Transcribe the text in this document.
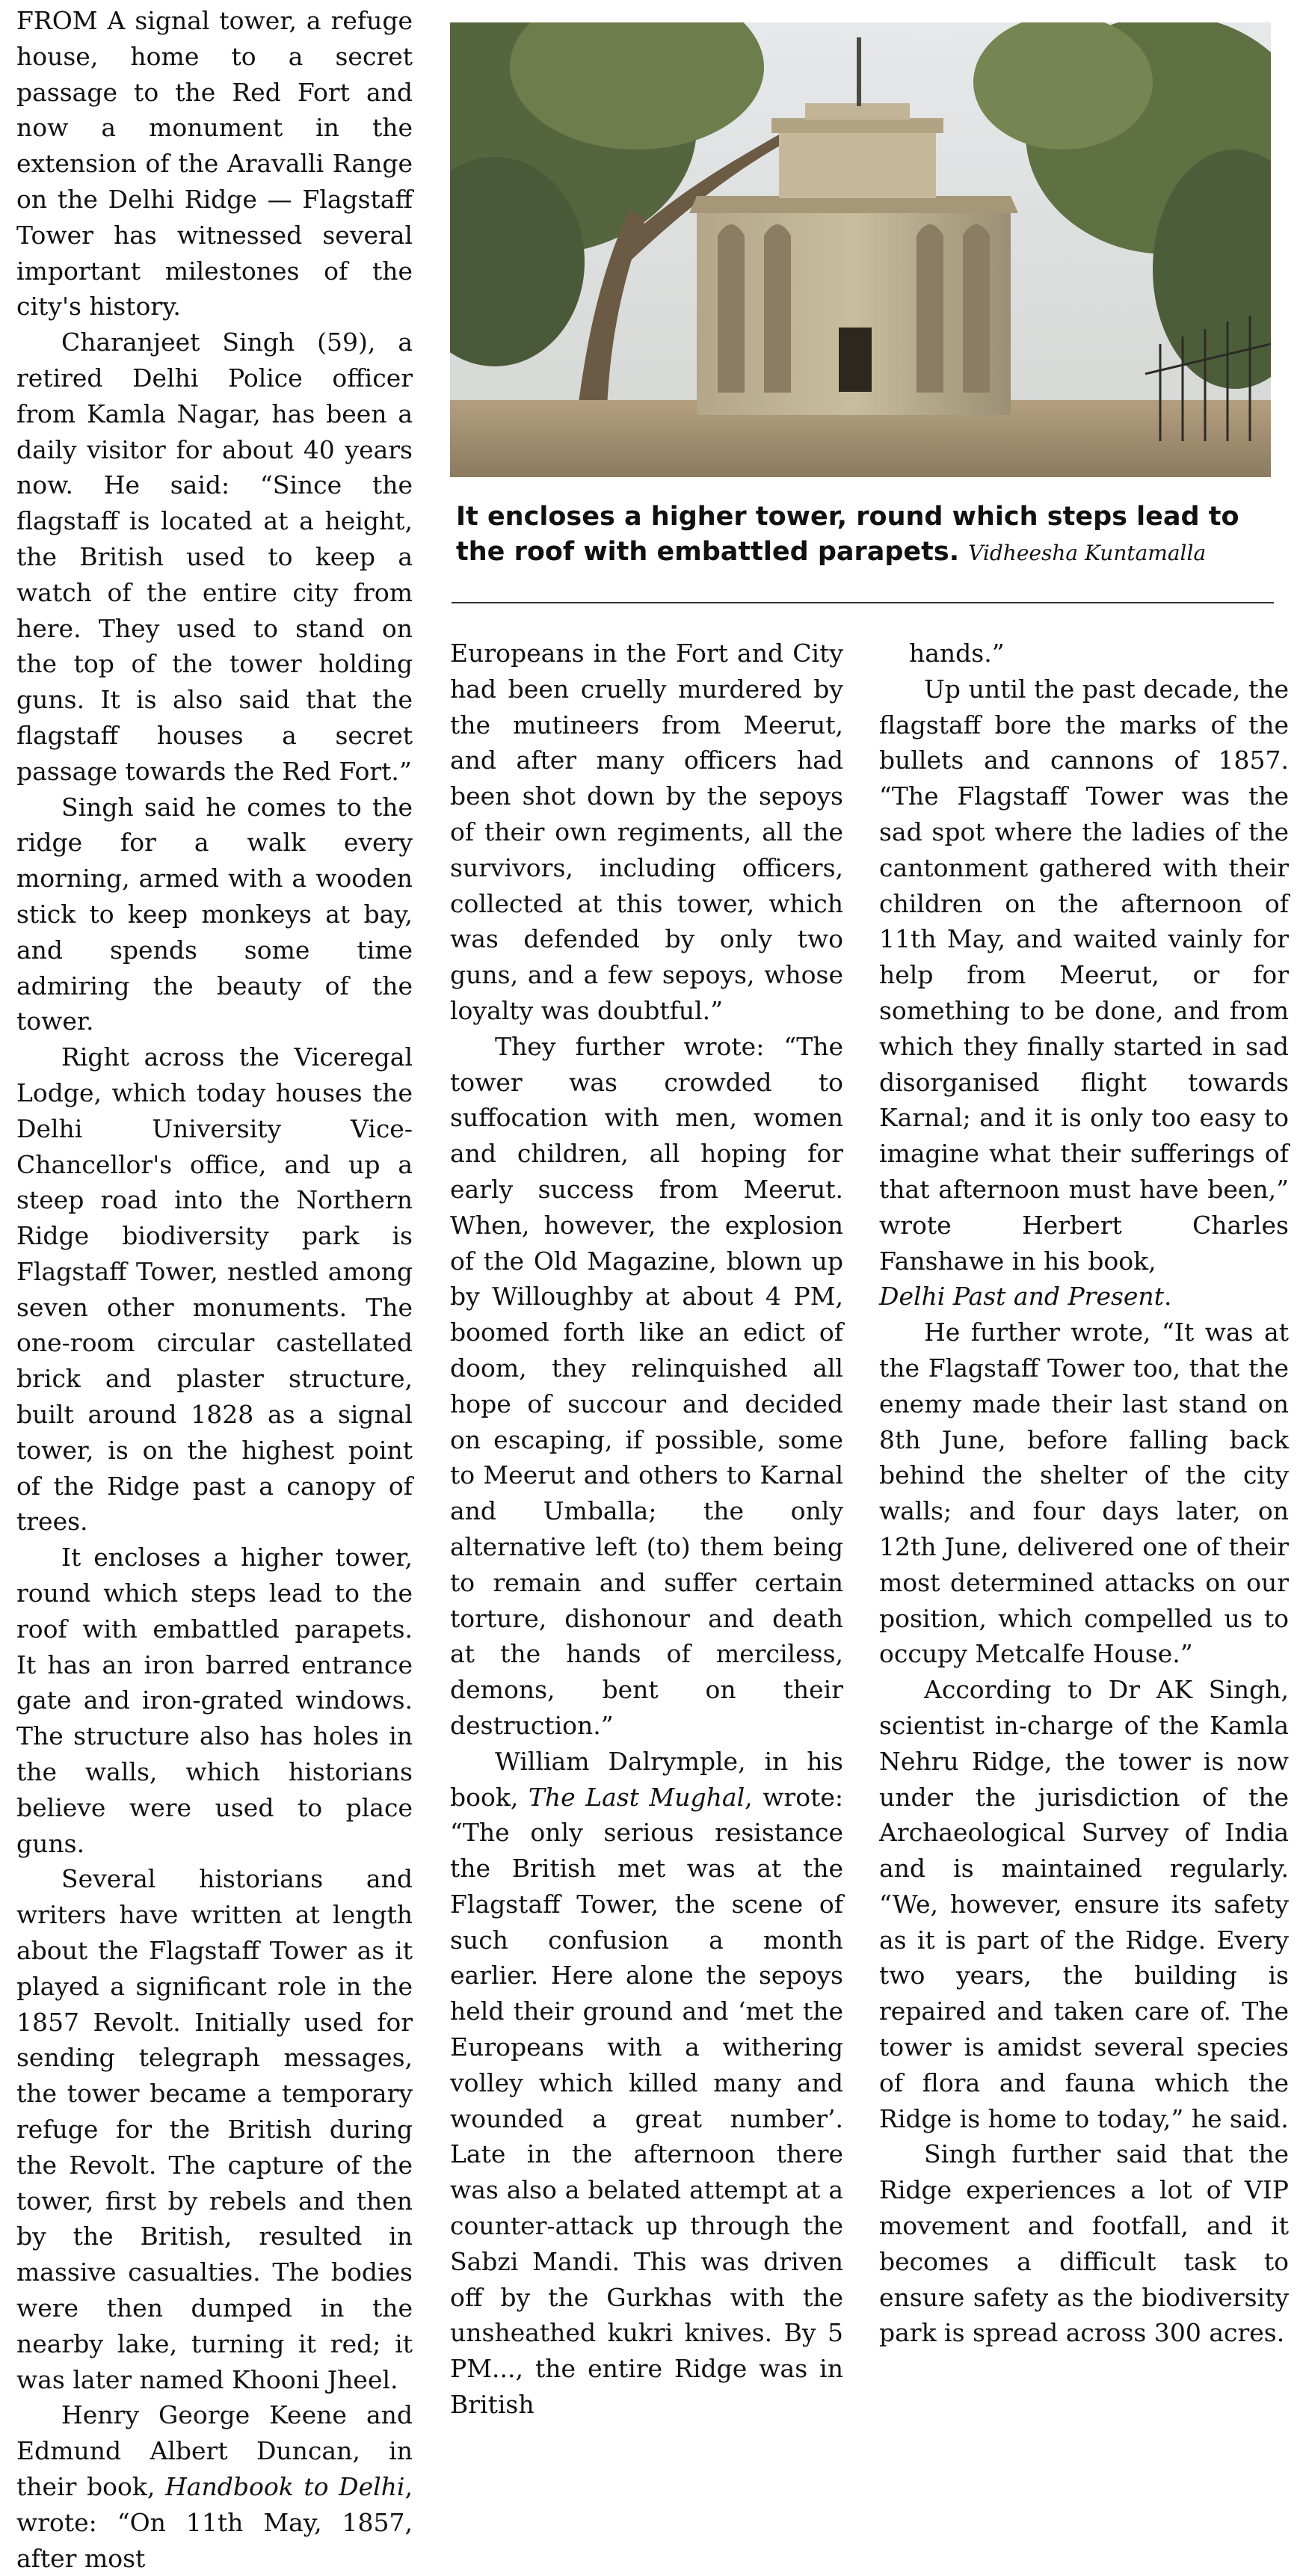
FROM A signal tower, a refuge house, home to a secret passage to the Red Fort and now a monument in the extension of the Aravalli Range on the Delhi Ridge — Flagstaff Tower has witnessed several important milestones of the city's history.

Charanjeet Singh (59), a retired Delhi Police officer from Kamla Nagar, has been a daily visitor for about 40 years now. He said: “Since the flagstaff is located at a height, the British used to keep a watch of the entire city from here. They used to stand on the top of the tower holding guns. It is also said that the flagstaff houses a secret passage towards the Red Fort.”

Singh said he comes to the ridge for a walk every morning, armed with a wooden stick to keep monkeys at bay, and spends some time admiring the beauty of the tower.

Right across the Viceregal Lodge, which today houses the Delhi University Vice-Chancellor's office, and up a steep road into the Northern Ridge biodiversity park is Flagstaff Tower, nestled among seven other monuments. The one-room circular castellated brick and plaster structure, built around 1828 as a signal tower, is on the highest point of the Ridge past a canopy of trees.

It encloses a higher tower, round which steps lead to the roof with embattled parapets. It has an iron barred entrance gate and iron-grated windows. The structure also has holes in the walls, which historians believe were used to place guns.

Several historians and writers have written at length about the Flagstaff Tower as it played a significant role in the 1857 Revolt. Initially used for sending telegraph messages, the tower became a temporary refuge for the British during the Revolt. The capture of the tower, first by rebels and then by the British, resulted in massive casualties. The bodies were then dumped in the nearby lake, turning it red; it was later named Khooni Jheel.

Henry George Keene and Edmund Albert Duncan, in their book, Handbook to Delhi, wrote: “On 11th May, 1857, after most

It encloses a higher tower, round which steps lead to the roof with embattled parapets. Vidheesha Kuntamalla

Europeans in the Fort and City had been cruelly murdered by the mutineers from Meerut, and after many officers had been shot down by the sepoys of their own regiments, all the survivors, including officers, collected at this tower, which was defended by only two guns, and a few sepoys, whose loyalty was doubtful.”

They further wrote: “The tower was crowded to suffocation with men, women and children, all hoping for early success from Meerut. When, however, the explosion of the Old Magazine, blown up by Willoughby at about 4 PM, boomed forth like an edict of doom, they relinquished all hope of succour and decided on escaping, if possible, some to Meerut and others to Karnal and Umballa; the only alternative left (to) them being to remain and suffer certain torture, dishonour and death at the hands of merciless, demons, bent on their destruction.”

William Dalrymple, in his book, The Last Mughal, wrote: “The only serious resistance the British met was at the Flagstaff Tower, the scene of such confusion a month earlier. Here alone the sepoys held their ground and ‘met the Europeans with a withering volley which killed many and wounded a great number’. Late in the afternoon there was also a belated attempt at a counter-attack up through the Sabzi Mandi. This was driven off by the Gurkhas with the unsheathed kukri knives. By 5 PM..., the entire Ridge was in British

hands.”

Up until the past decade, the flagstaff bore the marks of the bullets and cannons of 1857. “The Flagstaff Tower was the sad spot where the ladies of the cantonment gathered with their children on the afternoon of 11th May, and waited vainly for help from Meerut, or for something to be done, and from which they finally started in sad disorganised flight towards Karnal; and it is only too easy to imagine what their sufferings of that afternoon must have been,” wrote Herbert Charles Fanshawe in his book,

Delhi Past and Present.

He further wrote, “It was at the Flagstaff Tower too, that the enemy made their last stand on 8th June, before falling back behind the shelter of the city walls; and four days later, on 12th June, delivered one of their most determined attacks on our position, which compelled us to occupy Metcalfe House.”

According to Dr AK Singh, scientist in-charge of the Kamla Nehru Ridge, the tower is now under the jurisdiction of the Archaeological Survey of India and is maintained regularly. “We, however, ensure its safety as it is part of the Ridge. Every two years, the building is repaired and taken care of. The tower is amidst several species of flora and fauna which the Ridge is home to today,” he said.

Singh further said that the Ridge experiences a lot of VIP movement and footfall, and it becomes a difficult task to ensure safety as the biodiversity park is spread across 300 acres.
